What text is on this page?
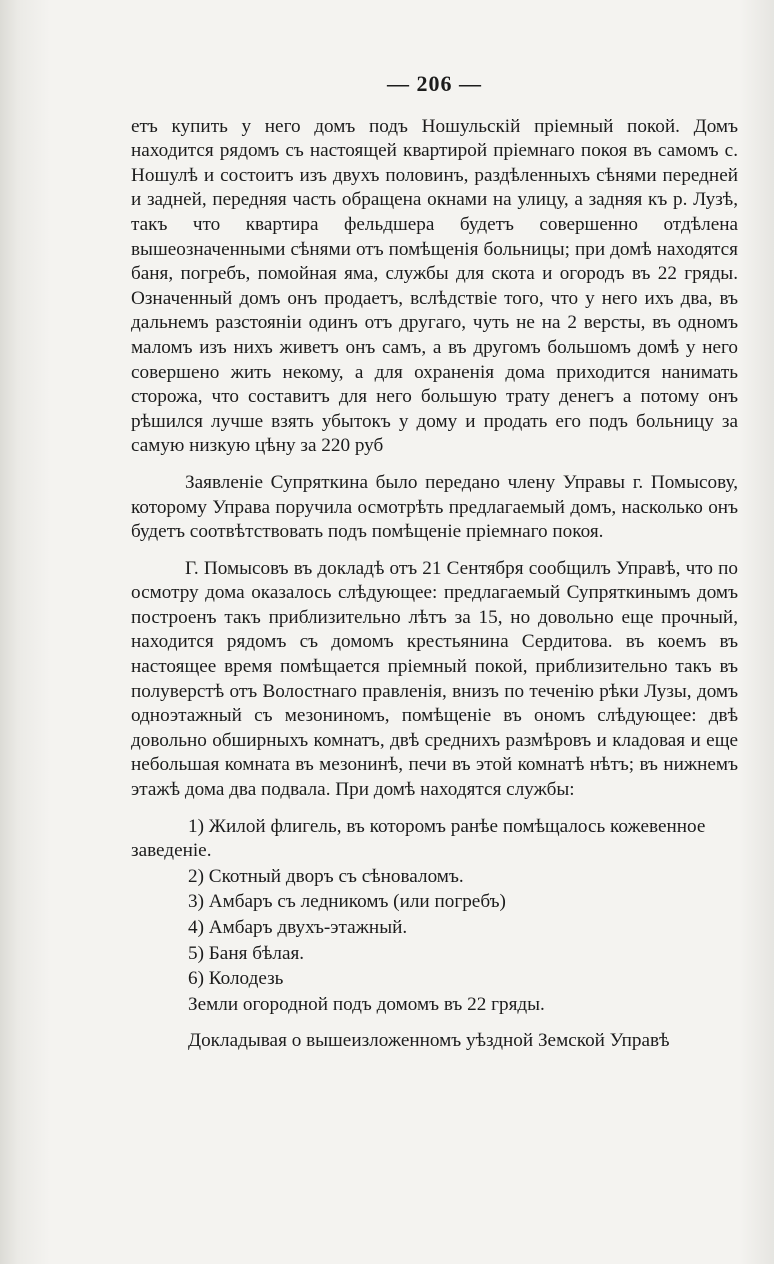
— 206 —

етъ купить у него домъ подъ Ношульскій пріемный покой. Домъ находится рядомъ съ настоящей квартирой пріемнаго покоя въ самомъ с. Ношулѣ и состоитъ изъ двухъ половинъ, раздѣленныхъ сѣнями передней и задней, передняя часть обращена окнами на улицу, а задняя къ р. Лузѣ, такъ что квартира фельдшера будетъ совершенно отдѣлена вышеозначенными сѣнями отъ помѣщенія больницы; при домѣ находятся баня, погребъ, помойная яма, службы для скота и огородъ въ 22 гряды. Означенный домъ онъ продаетъ, вслѣдствіе того, что у него ихъ два, въ дальнемъ разстояніи одинъ отъ другаго, чуть не на 2 версты, въ одномъ маломъ изъ нихъ живетъ онъ самъ, а въ другомъ большомъ домѣ у него совершено жить некому, а для охраненія дома приходится нанимать сторожа, что составитъ для него большую трату денегъ а потому онъ рѣшился лучше взять убытокъ у дому и продать его подъ больницу за самую низкую цѣну за 220 руб

Заявленіе Супряткина было передано члену Управы г. Помысову, которому Управа поручила осмотрѣть предлагаемый домъ, насколько онъ будетъ соотвѣтствовать подъ помѣщеніе пріемнаго покоя.

Г. Помысовъ въ докладѣ отъ 21 Сентября сообщилъ Управѣ, что по осмотру дома оказалось слѣдующее: предлагаемый Супряткинымъ домъ построенъ такъ приблизительно лѣтъ за 15, но довольно еще прочный, находится рядомъ съ домомъ крестьянина Сердитова. въ коемъ въ настоящее время помѣщается пріемный покой, приблизительно такъ въ полуверстѣ отъ Волостнаго правленія, внизъ по теченію рѣки Лузы, домъ одноэтажный съ мезониномъ, помѣщеніе въ ономъ слѣдующее: двѣ довольно обширныхъ комнатъ, двѣ среднихъ размѣровъ и кладовая и еще небольшая комната въ мезонинѣ, печи въ этой комнатѣ нѣтъ; въ нижнемъ этажѣ дома два подвала. При домѣ находятся службы:

1) Жилой флигель, въ которомъ ранѣе помѣщалось кожевенное заведеніе.
2) Скотный дворъ съ сѣноваломъ.
3) Амбаръ съ ледникомъ (или погребъ)
4) Амбаръ двухъ-этажный.
5) Баня бѣлая.
6) Колодезь
Земли огородной подъ домомъ въ 22 гряды.
Докладывая о вышеизложенномъ уѣздной Земской Управѣ
